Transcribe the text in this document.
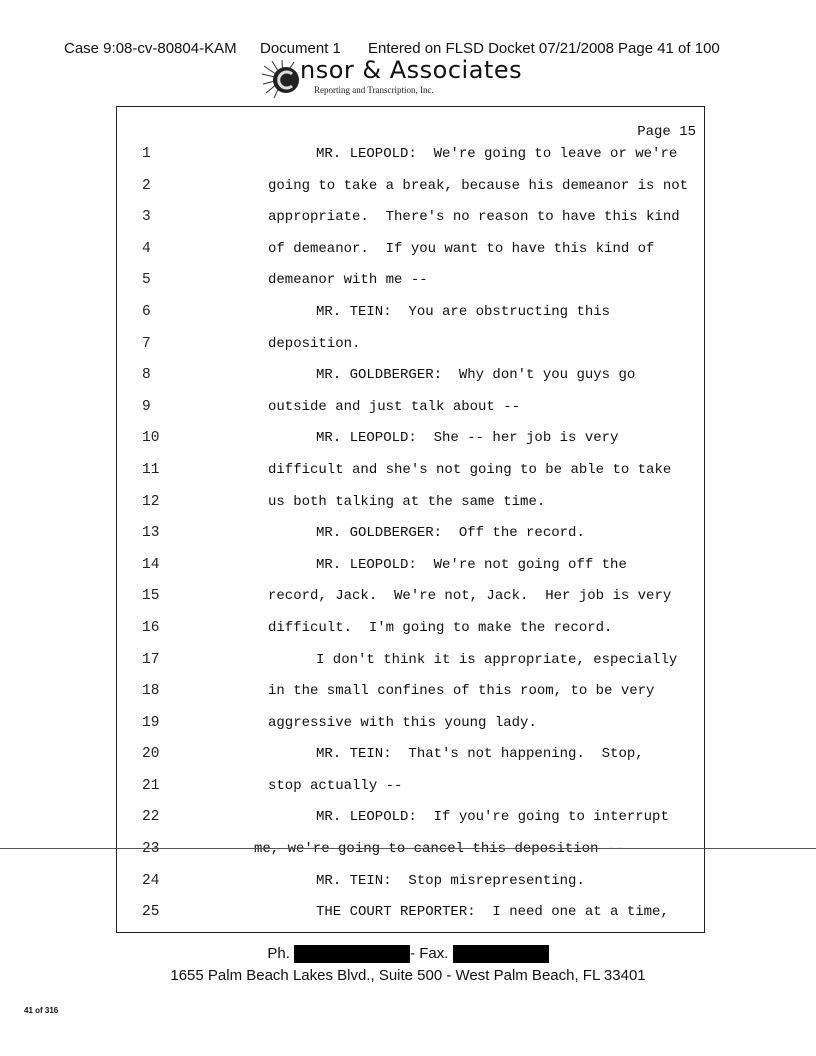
Case 9:08-cv-80804-KAM Document 1 Entered on FLSD Docket 07/21/2008 Page 41 of 100
nsor & Associates
Reporting and Transcription, Inc.
Page 15
1	MR. LEOPOLD:  We're going to leave or we're
2	going to take a break, because his demeanor is not
3	appropriate.  There's no reason to have this kind
4	of demeanor.  If you want to have this kind of
5	demeanor with me --
6	MR. TEIN:  You are obstructing this
7	deposition.
8	MR. GOLDBERGER:  Why don't you guys go
9	outside and just talk about --
10	MR. LEOPOLD:  She -- her job is very
11	difficult and she's not going to be able to take
12	us both talking at the same time.
13	MR. GOLDBERGER:  Off the record.
14	MR. LEOPOLD:  We're not going off the
15	record, Jack.  We're not, Jack.  Her job is very
16	difficult.  I'm going to make the record.
17	I don't think it is appropriate, especially
18	in the small confines of this room, to be very
19	aggressive with this young lady.
20	MR. TEIN:  That's not happening.  Stop,
21	stop actually --
22	MR. LEOPOLD:  If you're going to interrupt
23	me, we're going to cancel this deposition --
24	MR. TEIN:  Stop misrepresenting.
25	THE COURT REPORTER:  I need one at a time,
Ph.	- Fax.
1655 Palm Beach Lakes Blvd., Suite 500 - West Palm Beach, FL 33401
41 of 316
